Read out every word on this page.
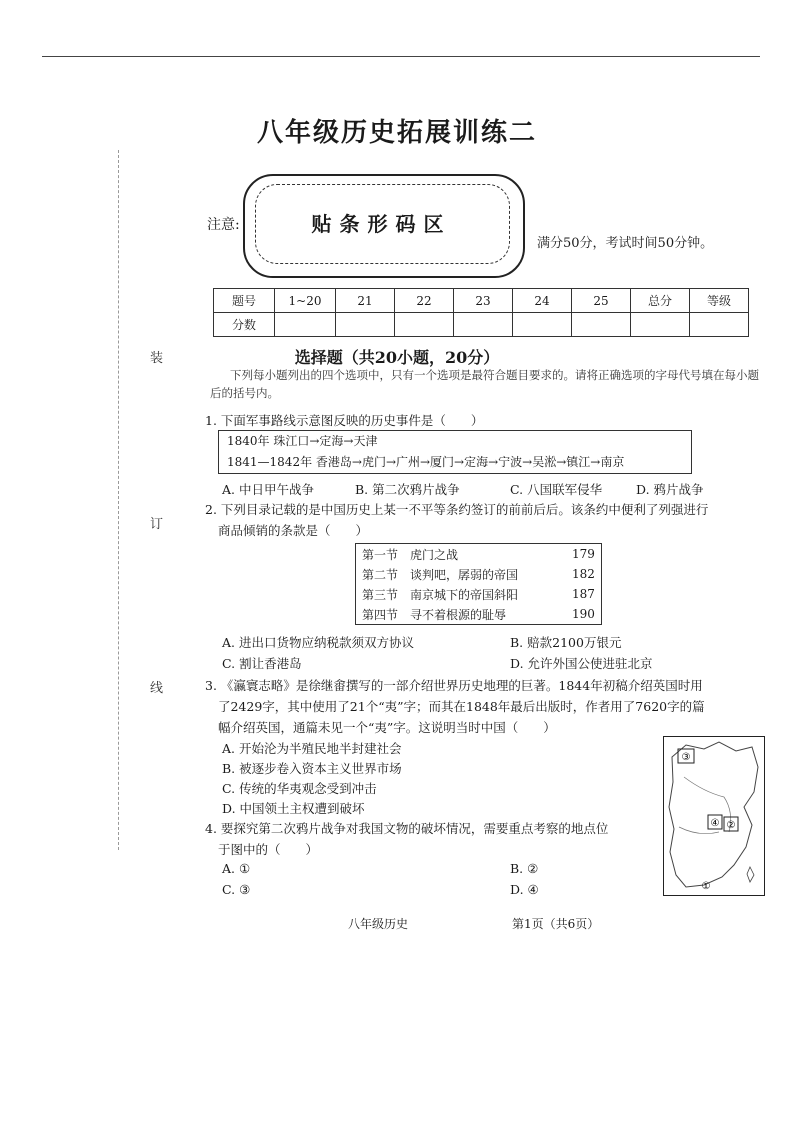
装
订
线
八年级历史拓展训练二
注意:	贴条形码区
满分50分，考试时间50分钟。
题号	1~20	21	22	23	24	25	总分	等级
分数								
选择题（共20小题，20分）
下列每小题列出的四个选项中，只有一个选项是最符合题目要求的。请将正确选项的字母代号填在每小题后的括号内。
1. 下面军事路线示意图反映的历史事件是（　　）
1840年 珠江口→定海→天津
1841—1842年 香港岛→虎门→广州→厦门→定海→宁波→吴淞→镇江→南京
A. 中日甲午战争	B. 第二次鸦片战争	C. 八国联军侵华	D. 鸦片战争
2. 下列目录记载的是中国历史上某一不平等条约签订的前前后后。该条约中便利了列强进行
商品倾销的条款是（　　）
第一节	虎门之战	179
第二节	谈判吧，孱弱的帝国	182
第三节	南京城下的帝国斜阳	187
第四节	寻不着根源的耻辱	190
A. 进出口货物应纳税款须双方协议	B. 赔款2100万银元
C. 割让香港岛	D. 允许外国公使进驻北京
3. 《瀛寰志略》是徐继畬撰写的一部介绍世界历史地理的巨著。1844年初稿介绍英国时用
了2429字，其中使用了21个“夷”字；而其在1848年最后出版时，作者用了7620字的篇
幅介绍英国，通篇未见一个“夷”字。这说明当时中国（　　）
A. 开始沦为半殖民地半封建社会
B. 被逐步卷入资本主义世界市场
C. 传统的华夷观念受到冲击
D. 中国领土主权遭到破坏
4. 要探究第二次鸦片战争对我国文物的破坏情况，需要重点考察的地点位
于图中的（　　）
A. ①	B. ②
C. ③	D. ④
③
④ ②
①
八年级历史	第1页（共6页）
